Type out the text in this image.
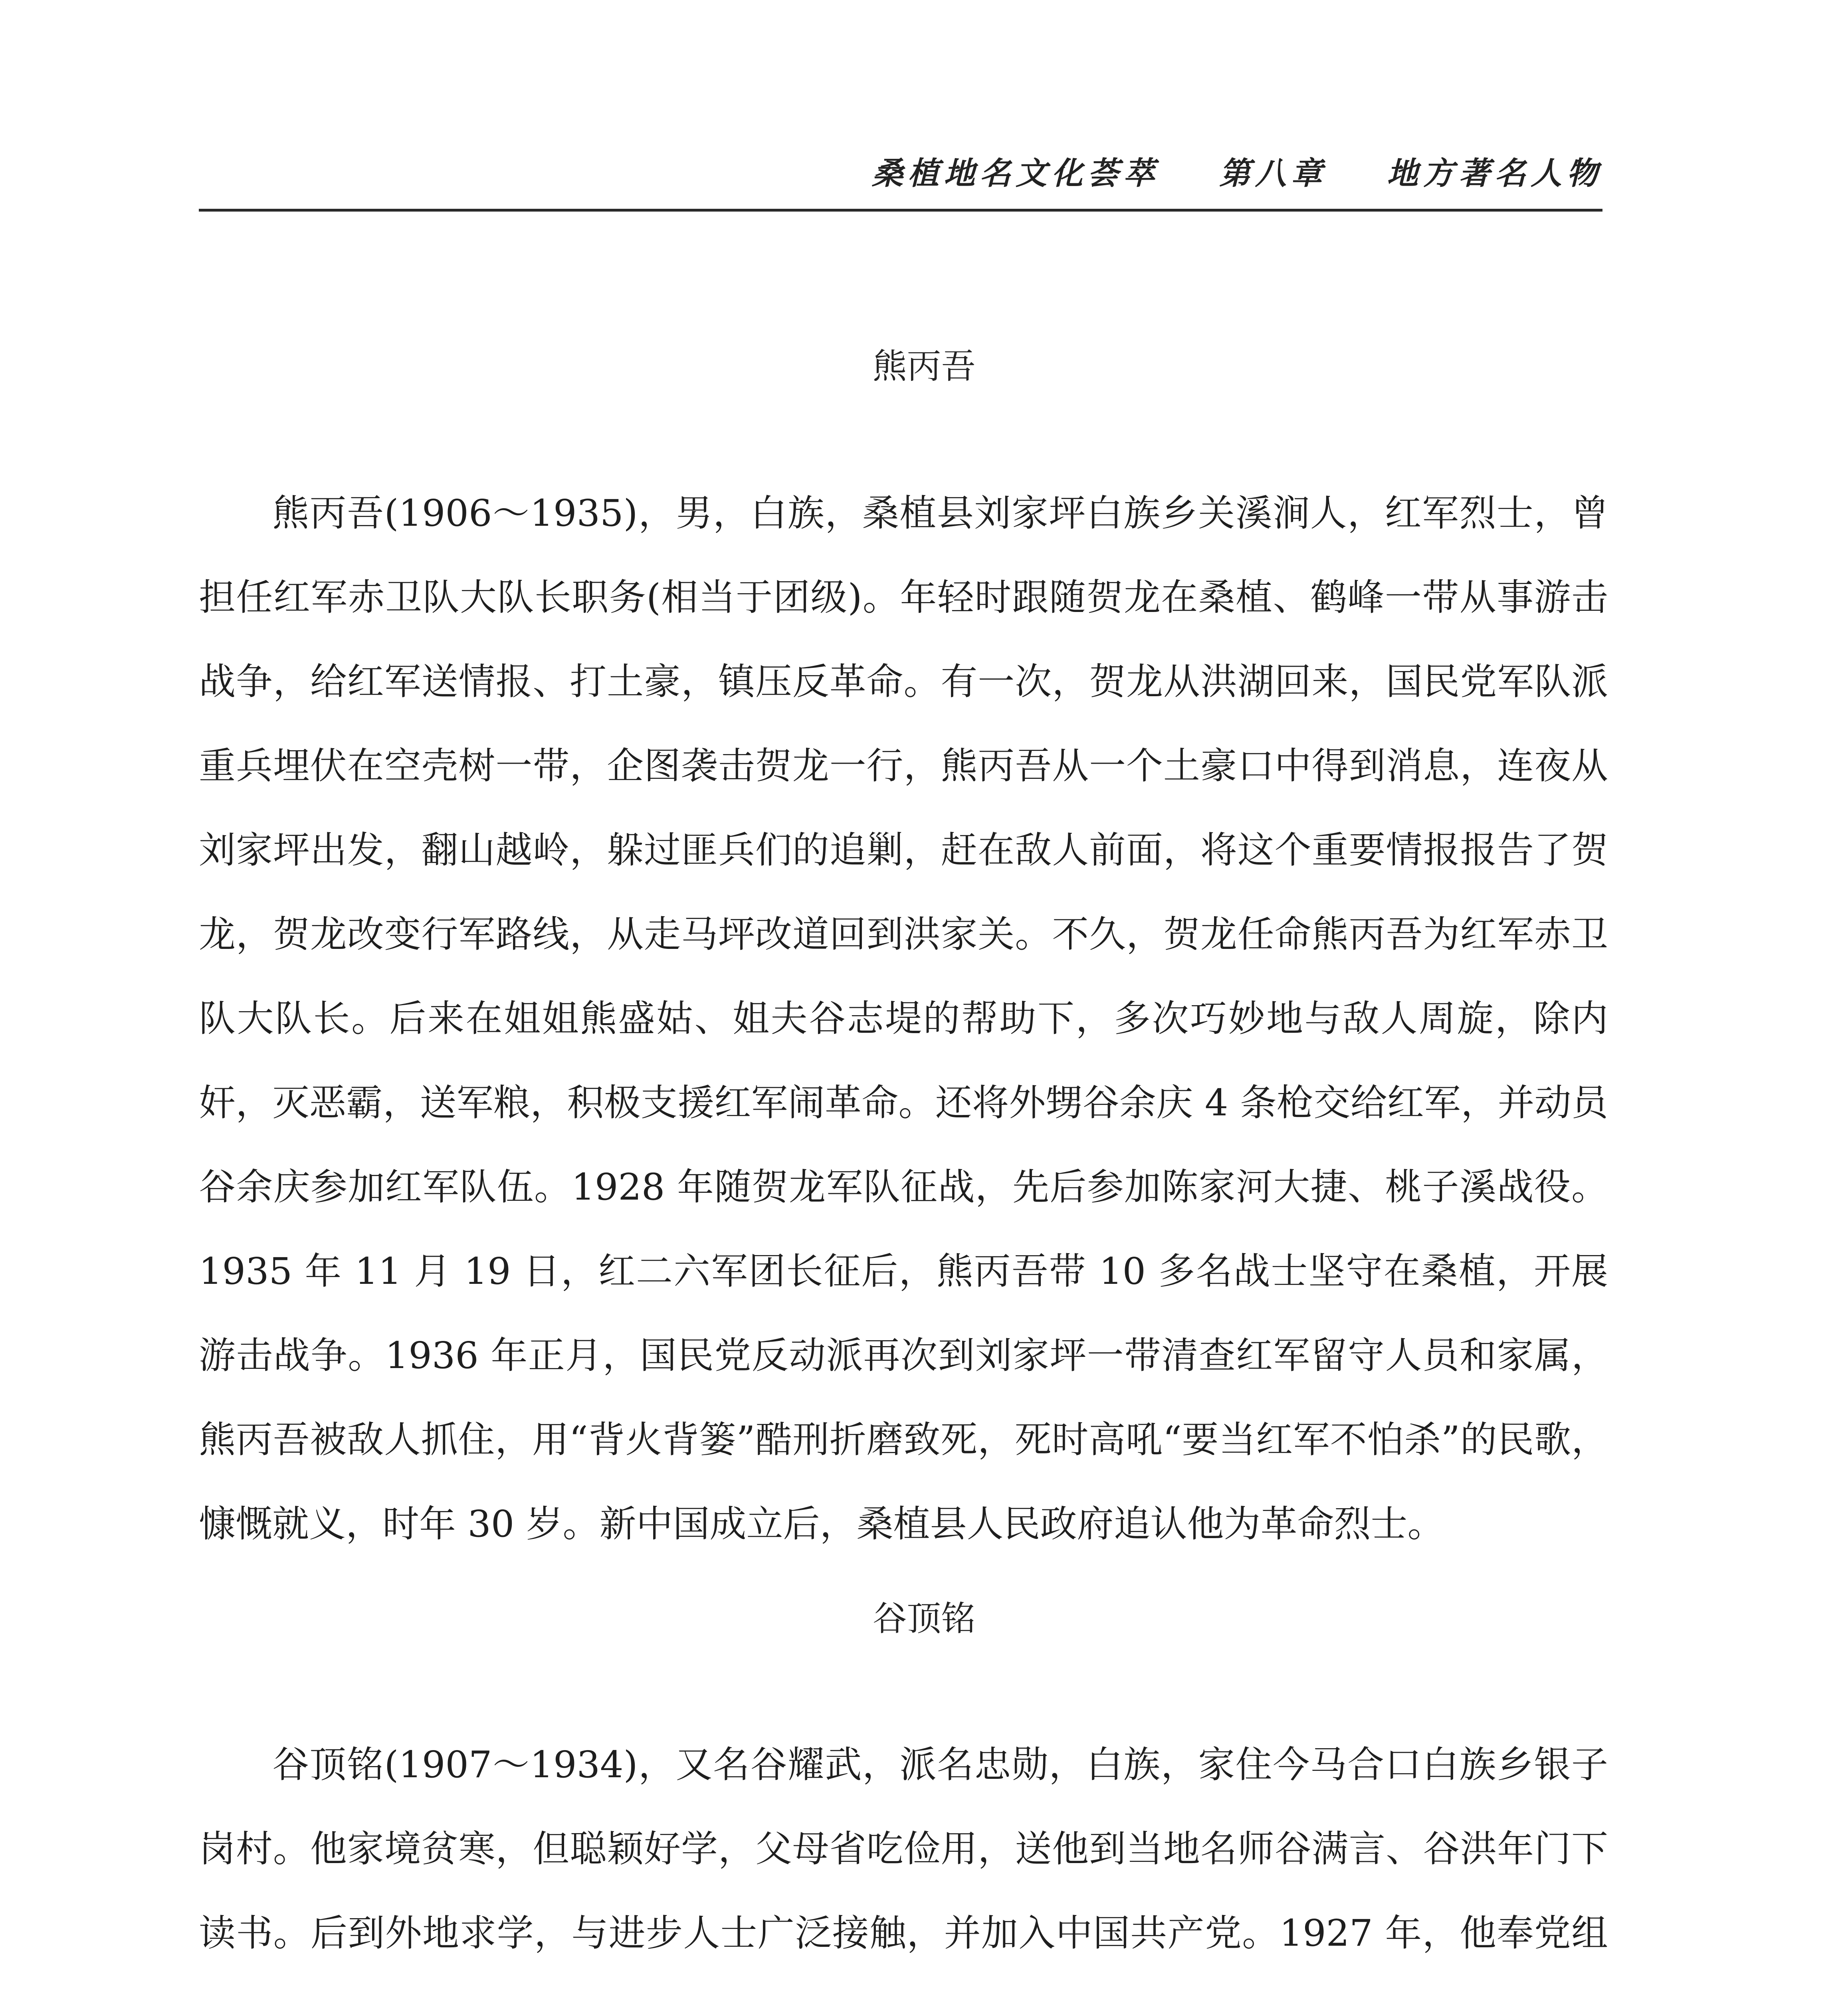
桑植地名文化荟萃 第八章 地方著名人物
熊丙吾

熊丙吾(1906～1935)，男，白族，桑植县刘家坪白族乡关溪涧人，红军烈士，曾担任红军赤卫队大队长职务(相当于团级)。年轻时跟随贺龙在桑植、鹤峰一带从事游击战争，给红军送情报、打土豪，镇压反革命。有一次，贺龙从洪湖回来，国民党军队派重兵埋伏在空壳树一带，企图袭击贺龙一行，熊丙吾从一个土豪口中得到消息，连夜从刘家坪出发，翻山越岭，躲过匪兵们的追剿，赶在敌人前面，将这个重要情报报告了贺龙，贺龙改变行军路线，从走马坪改道回到洪家关。不久，贺龙任命熊丙吾为红军赤卫队大队长。后来在姐姐熊盛姑、姐夫谷志堤的帮助下，多次巧妙地与敌人周旋，除内奸，灭恶霸，送军粮，积极支援红军闹革命。还将外甥谷余庆 4 条枪交给红军，并动员谷余庆参加红军队伍。1928 年随贺龙军队征战，先后参加陈家河大捷、桃子溪战役。1935 年 11 月 19 日，红二六军团长征后，熊丙吾带 10 多名战士坚守在桑植，开展游击战争。1936 年正月，国民党反动派再次到刘家坪一带清查红军留守人员和家属，熊丙吾被敌人抓住，用“背火背篓”酷刑折磨致死，死时高吼“要当红军不怕杀”的民歌，慷慨就义，时年 30 岁。新中国成立后，桑植县人民政府追认他为革命烈士。

谷顶铭

谷顶铭(1907～1934)，又名谷耀武，派名忠勋，白族，家住今马合口白族乡银子岗村。他家境贫寒，但聪颖好学，父母省吃俭用，送他到当地名师谷满言、谷洪年门下读书。后到外地求学，与进步人士广泛接触，并加入中国共产党。1927 年，他奉党组
